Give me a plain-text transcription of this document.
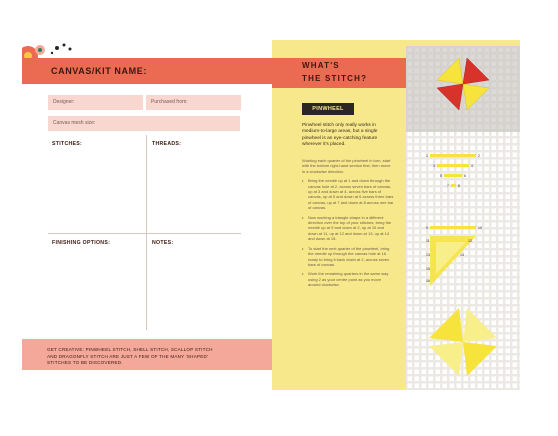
CANVAS/KIT NAME:
Designer:	Purchased from:
Canvas mesh size:
STITCHES:	THREADS:
FINISHING OPTIONS:	NOTES:
GET CREATIVE: PINWHEEL STITCH, SHELL STITCH, SCALLOP STITCH AND DRAGONFLY STITCH ARE JUST A FEW OF THE MANY 'SHAPED' STITCHES TO BE DISCOVERED.
WHAT'S
THE STITCH?
PINWHEEL STITCH
Pinwheel stitch only really works in medium-to-large areas, but a single pinwheel is an eye-catching feature wherever it's placed.

Working each quarter of the pinwheel in turn, start with the bottom right-hand section first, then move in a clockwise direction.

• Bring the needle up at 1 and down through the canvas hole at 2, across seven bars of canvas, up at 3 and down at 4, across five bars of canvas, up at 5 and down at 6 across three bars of canvas, up at 7 and down at 8 across one bar of canvas.
• Now working a triangle shape in a different direction over the top of your stitches, bring the needle up at 9 and down at 2, up at 10 and down at 11, up at 12 and down at 13, up at 14 and down at 15.
• To start the next quarter of the pinwheel, bring the needle up through the canvas hole at 16 ready to bring it back down at 2, across seven bars of canvas.
• Work the remaining quarters in the same way using 2 as your centre point as you move around clockwise.
1	2
3	4
5	6
7	8
9	10
11	12
13	14
15
16
